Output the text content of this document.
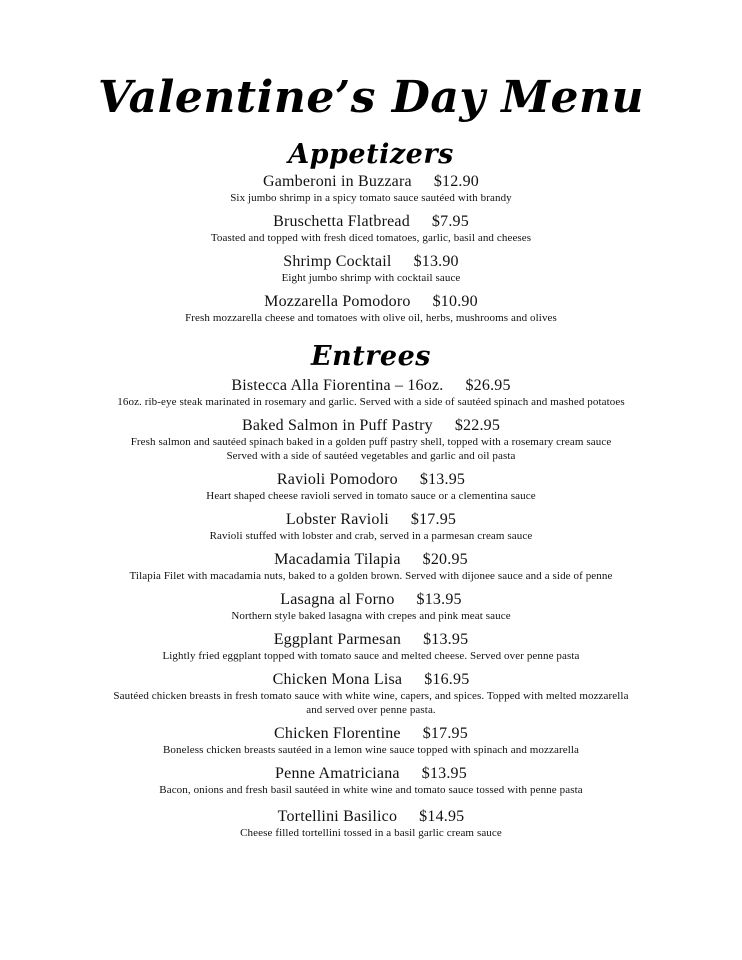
Valentine’s Day Menu
Appetizers
Gamberoni in Buzzara $12.90
Six jumbo shrimp in a spicy tomato sauce sautéed with brandy
Bruschetta Flatbread $7.95
Toasted and topped with fresh diced tomatoes, garlic, basil and cheeses
Shrimp Cocktail $13.90
Eight jumbo shrimp with cocktail sauce
Mozzarella Pomodoro $10.90
Fresh mozzarella cheese and tomatoes with olive oil, herbs, mushrooms and olives
Entrees
Bistecca Alla Fiorentina – 16oz. $26.95
16oz. rib-eye steak marinated in rosemary and garlic. Served with a side of sautéed spinach and mashed potatoes
Baked Salmon in Puff Pastry $22.95
Fresh salmon and sautéed spinach baked in a golden puff pastry shell, topped with a rosemary cream sauce
Served with a side of sautéed vegetables and garlic and oil pasta
Ravioli Pomodoro $13.95
Heart shaped cheese ravioli served in tomato sauce or a clementina sauce
Lobster Ravioli $17.95
Ravioli stuffed with lobster and crab, served in a parmesan cream sauce
Macadamia Tilapia $20.95
Tilapia Filet with macadamia nuts, baked to a golden brown. Served with dijonee sauce and a side of penne
Lasagna al Forno $13.95
Northern style baked lasagna with crepes and pink meat sauce
Eggplant Parmesan $13.95
Lightly fried eggplant topped with tomato sauce and melted cheese. Served over penne pasta
Chicken Mona Lisa $16.95
Sautéed chicken breasts in fresh tomato sauce with white wine, capers, and spices. Topped with melted mozzarella
and served over penne pasta.
Chicken Florentine $17.95
Boneless chicken breasts sautéed in a lemon wine sauce topped with spinach and mozzarella
Penne Amatriciana $13.95
Bacon, onions and fresh basil sautéed in white wine and tomato sauce tossed with penne pasta
Tortellini Basilico $14.95
Cheese filled tortellini tossed in a basil garlic cream sauce
